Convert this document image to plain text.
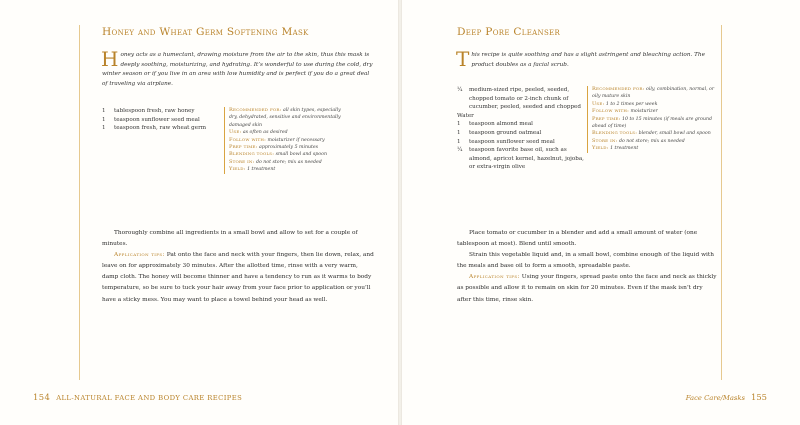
Honey and Wheat Germ Softening Mask
Honey acts as a humectant, drawing moisture from the air to the skin, thus this mask is deeply soothing, moisturizing, and hydrating. It’s wonderful to use during the cold, dry winter season or if you live in an area with low humidity and is perfect if you do a great deal of traveling via airplane.
1	tablespoon fresh, raw honey
1	teaspoon sunflower seed meal
1	teaspoon fresh, raw wheat germ
Recommended for: all skin types, especially dry, dehydrated, sensitive and environmentally damaged skin
Use: as often as desired
Follow with: moisturizer if necessary
Prep time: approximately 5 minutes
Blending tools: small bowl and spoon
Store in: do not store; mix as needed
Yield: 1 treatment

Thoroughly combine all ingredients in a small bowl and allow to set for a couple of minutes.

Application tips: Pat onto the face and neck with your fingers, then lie down, relax, and leave on for approximately 30 minutes. After the allotted time, rinse with a very warm, damp cloth. The honey will become thinner and have a tendency to run as it warms to body temperature, so be sure to tuck your hair away from your face prior to application or you’ll have a sticky mess. You may want to place a towel behind your head as well.

154 ALL-NATURAL FACE AND BODY CARE RECIPES
Deep Pore Cleanser
This recipe is quite soothing and has a slight astringent and bleaching action. The product doubles as a facial scrub.
¼	medium-sized ripe, peeled, seeded, chopped tomato or 2-inch chunk of cucumber, peeled, seeded and chopped
Water
1	teaspoon almond meal
1	teaspoon ground oatmeal
1	teaspoon sunflower seed meal
¼	teaspoon favorite base oil, such as almond, apricot kernel, hazelnut, jojoba, or extra-virgin olive
Recommended for: oily, combination, normal, or oily mature skin
Use: 1 to 2 times per week
Follow with: moisturizer
Prep time: 10 to 15 minutes (if meals are ground ahead of time)
Blending tools: blender, small bowl and spoon
Store in: do not store; mix as needed
Yield: 1 treatment

Place tomato or cucumber in a blender and add a small amount of water (one tablespoon at most). Blend until smooth.

Strain this vegetable liquid and, in a small bowl, combine enough of the liquid with the meals and base oil to form a smooth, spreadable paste.

Application tips: Using your fingers, spread paste onto the face and neck as thickly as possible and allow it to remain on skin for 20 minutes. Even if the mask isn’t dry after this time, rinse skin.

Face Care/Masks 155
